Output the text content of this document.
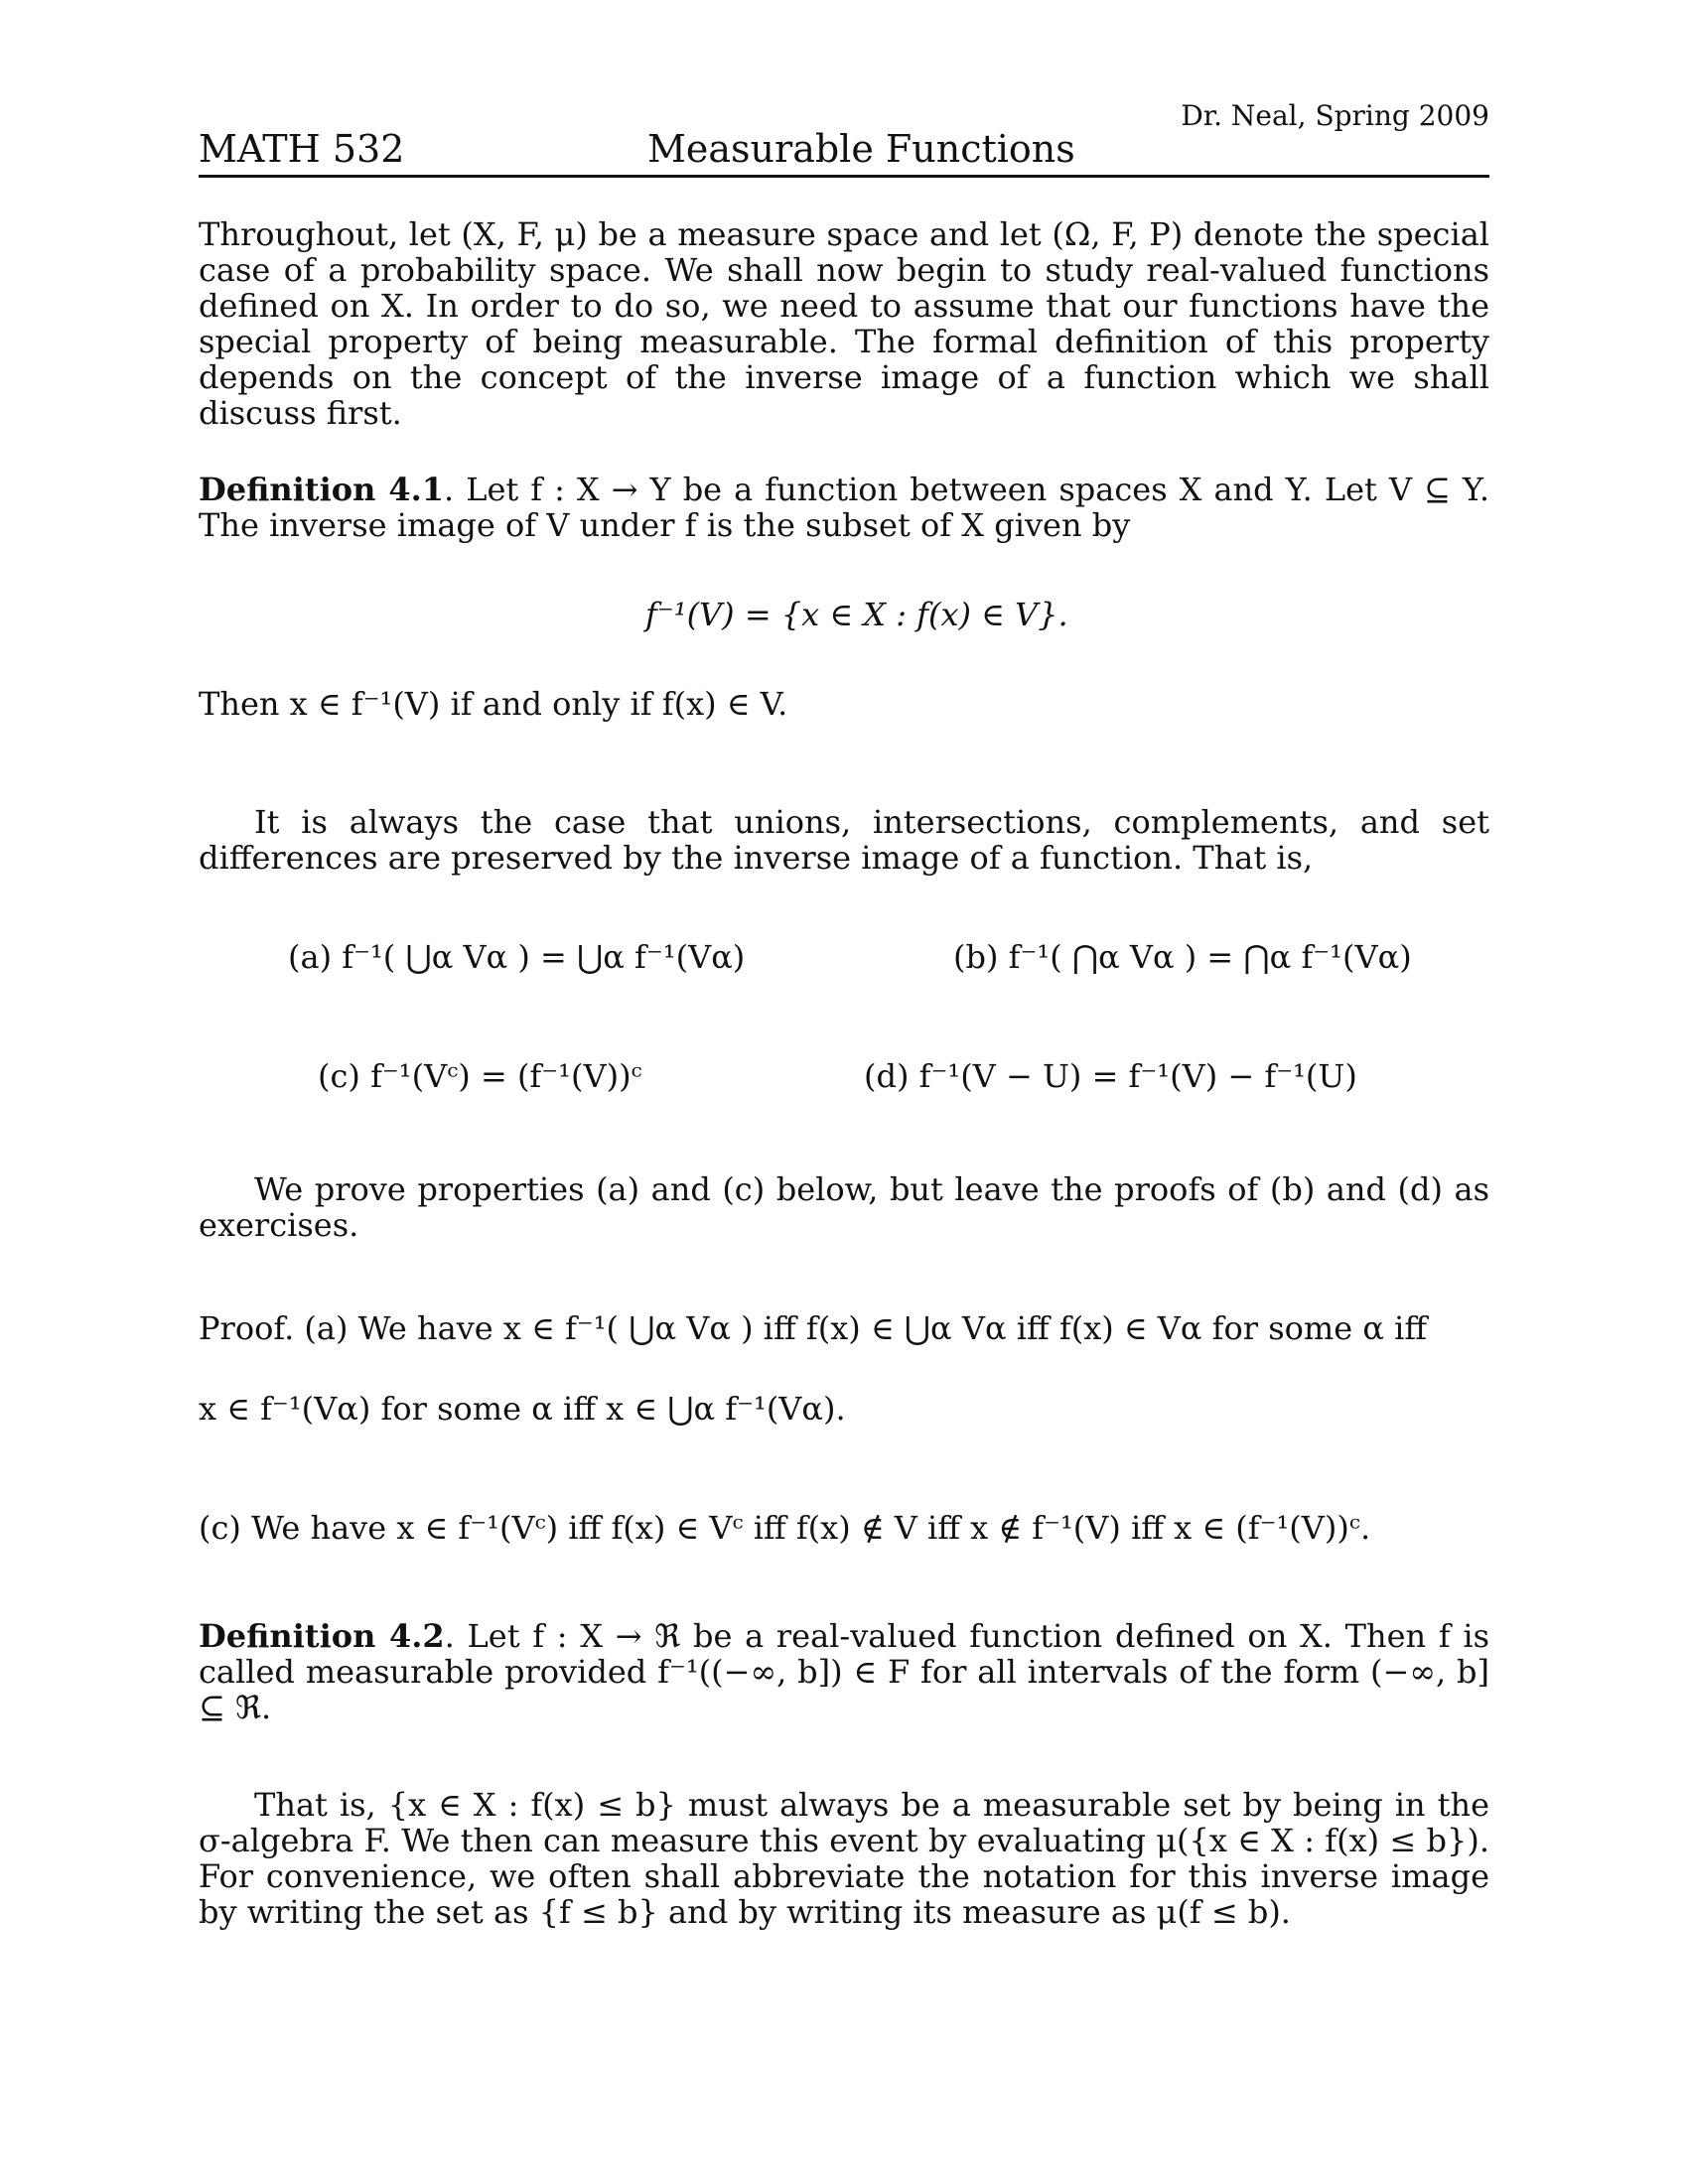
Dr. Neal, Spring 2009
MATH 532	Measurable Functions

Throughout, let (X, F, μ) be a measure space and let (Ω, F, P) denote the special case of a probability space. We shall now begin to study real-valued functions defined on X. In order to do so, we need to assume that our functions have the special property of being measurable. The formal definition of this property depends on the concept of the inverse image of a function which we shall discuss first.

Definition 4.1. Let f : X → Y be a function between spaces X and Y. Let V ⊆ Y. The inverse image of V under f is the subset of X given by

f⁻¹(V) = {x ∈ X : f(x) ∈ V}.
Then x ∈ f⁻¹(V) if and only if f(x) ∈ V.

It is always the case that unions, intersections, complements, and set differences are preserved by the inverse image of a function. That is,

(a) f⁻¹( ⋃α Vα ) = ⋃α f⁻¹(Vα)	(b) f⁻¹( ⋂α Vα ) = ⋂α f⁻¹(Vα)
(c) f⁻¹(Vᶜ) = (f⁻¹(V))ᶜ	(d) f⁻¹(V − U) = f⁻¹(V) − f⁻¹(U)

We prove properties (a) and (c) below, but leave the proofs of (b) and (d) as exercises.

Proof. (a) We have x ∈ f⁻¹( ⋃α Vα ) iff f(x) ∈ ⋃α Vα iff f(x) ∈ Vα for some α iff

x ∈ f⁻¹(Vα) for some α iff x ∈ ⋃α f⁻¹(Vα).
(c) We have x ∈ f⁻¹(Vᶜ) iff f(x) ∈ Vᶜ iff f(x) ∉ V iff x ∉ f⁻¹(V) iff x ∈ (f⁻¹(V))ᶜ.

Definition 4.2. Let f : X → ℜ be a real-valued function defined on X. Then f is called measurable provided f⁻¹((−∞, b]) ∈ F for all intervals of the form (−∞, b] ⊆ ℜ.

That is, {x ∈ X : f(x) ≤ b} must always be a measurable set by being in the σ-algebra F. We then can measure this event by evaluating μ({x ∈ X : f(x) ≤ b}). For convenience, we often shall abbreviate the notation for this inverse image by writing the set as {f ≤ b} and by writing its measure as μ(f ≤ b).
